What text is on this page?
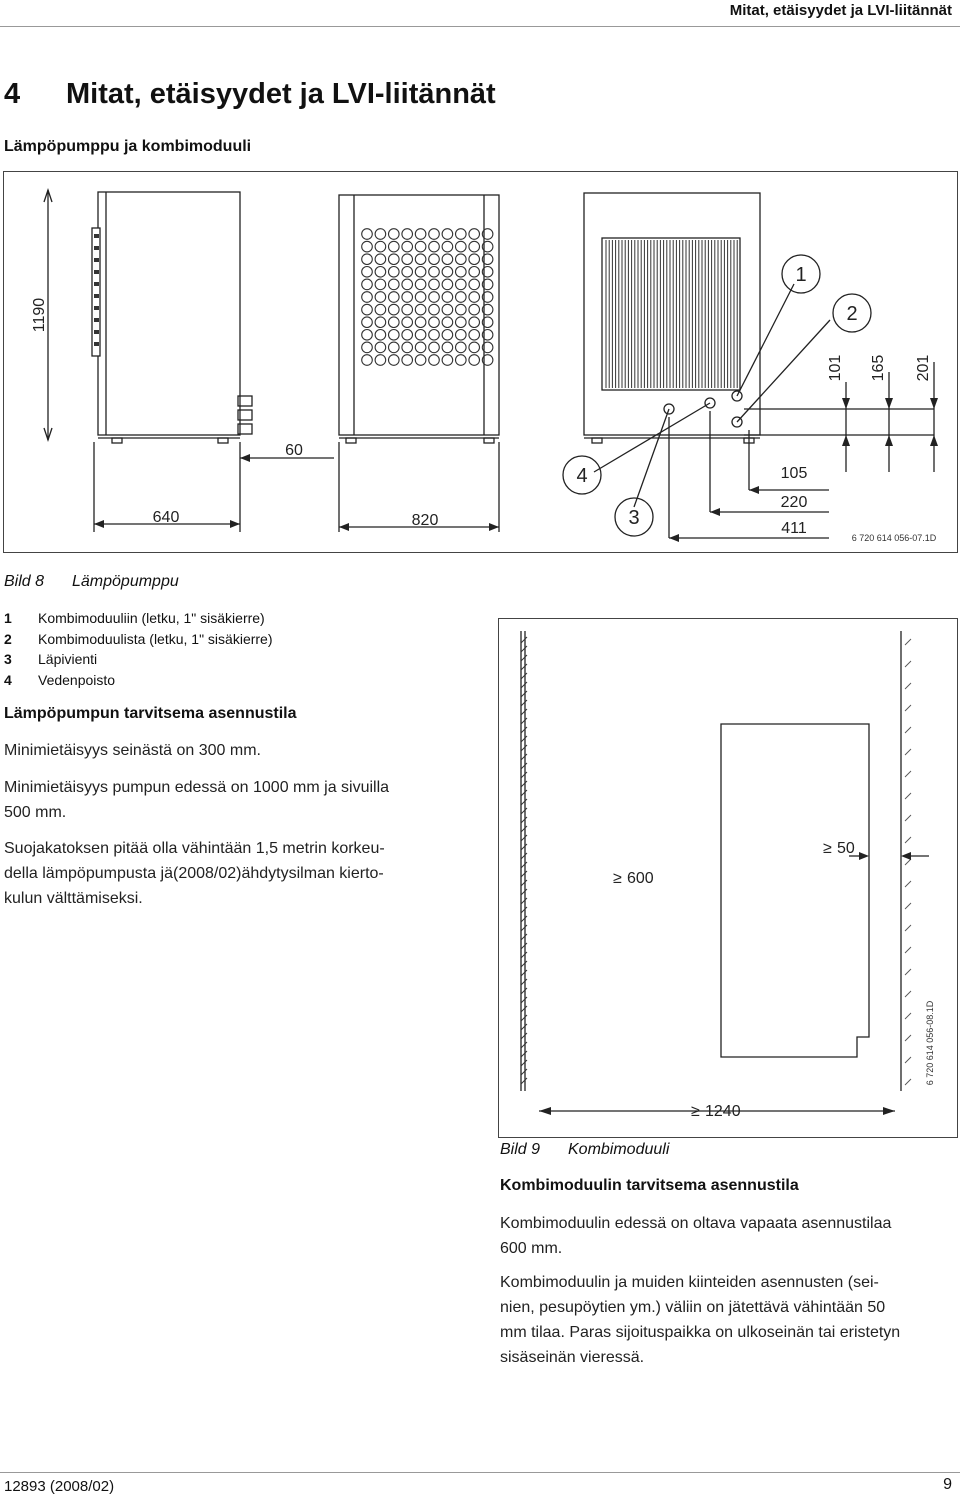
Mitat, etäisyydet ja LVI-liitännät
4 Mitat, etäisyydet ja LVI-liitännät
Lämpöpumppu ja kombimoduuli
1190
60
640	820
105
220
411
101 165 201
1
2
4
3
6 720 614 056-07.1D
Bild 8 Lämpöpumppu
1 Kombimoduuliin (letku, 1" sisäkierre)
2 Kombimoduulista (letku, 1" sisäkierre)
3 Läpivienti
4 Vedenpoisto
Lämpöpumpun tarvitsema asennustila
Minimietäisyys seinästä on 300 mm.
Minimietäisyys pumpun edessä on 1000 mm ja sivuilla
500 mm.
Suojakatoksen pitää olla vähintään 1,5 metrin korkeu-
della lämpöpumpusta jä(2008/02)ähdytysilman kierto-
kulun välttämiseksi.
≥ 600
≥ 50
≥ 1240
6 720 614 056-08.1D
Bild 9 Kombimoduuli
Kombimoduulin tarvitsema asennustila
Kombimoduulin edessä on oltava vapaata asennustilaa
600 mm.
Kombimoduulin ja muiden kiinteiden asennusten (sei-
nien, pesupöytien ym.) väliin on jätettävä vähintään 50
mm tilaa. Paras sijoituspaikka on ulkoseinän tai eristetyn
sisäseinän vieressä.
12893 (2008/02)	9
